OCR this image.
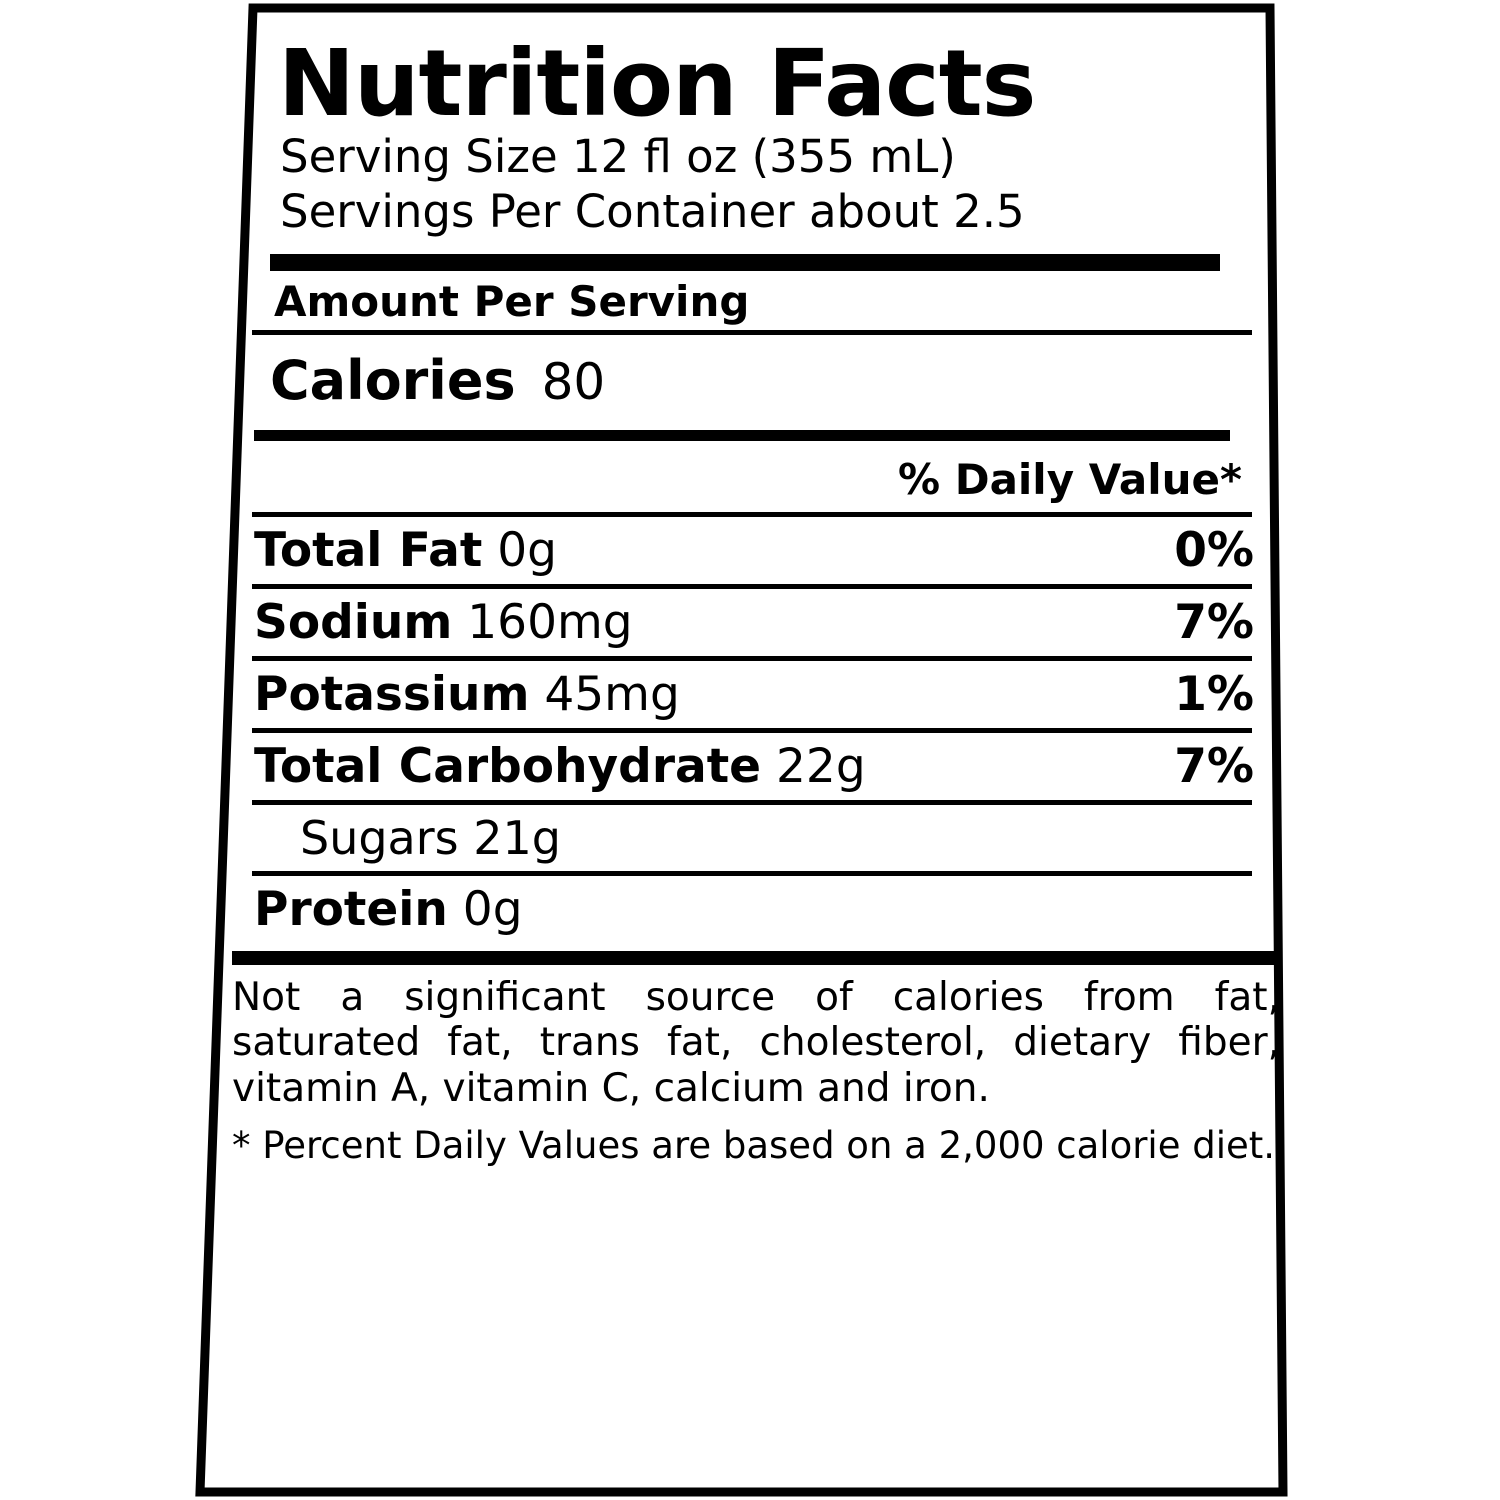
Nutrition Facts
Serving Size 12 fl oz (355 mL)
Servings Per Container about 2.5
Amount Per Serving
Calories 80
% Daily Value*
Total Fat 0g	0%
Sodium 160mg	7%
Potassium 45mg	1%
Total Carbohydrate 22g	7%
Sugars 21g
Protein 0g
Not a significant source of calories from fat, saturated fat, trans fat, cholesterol, dietary fiber, vitamin A, vitamin C, calcium and iron.
* Percent Daily Values are based on a 2,000 calorie diet.
